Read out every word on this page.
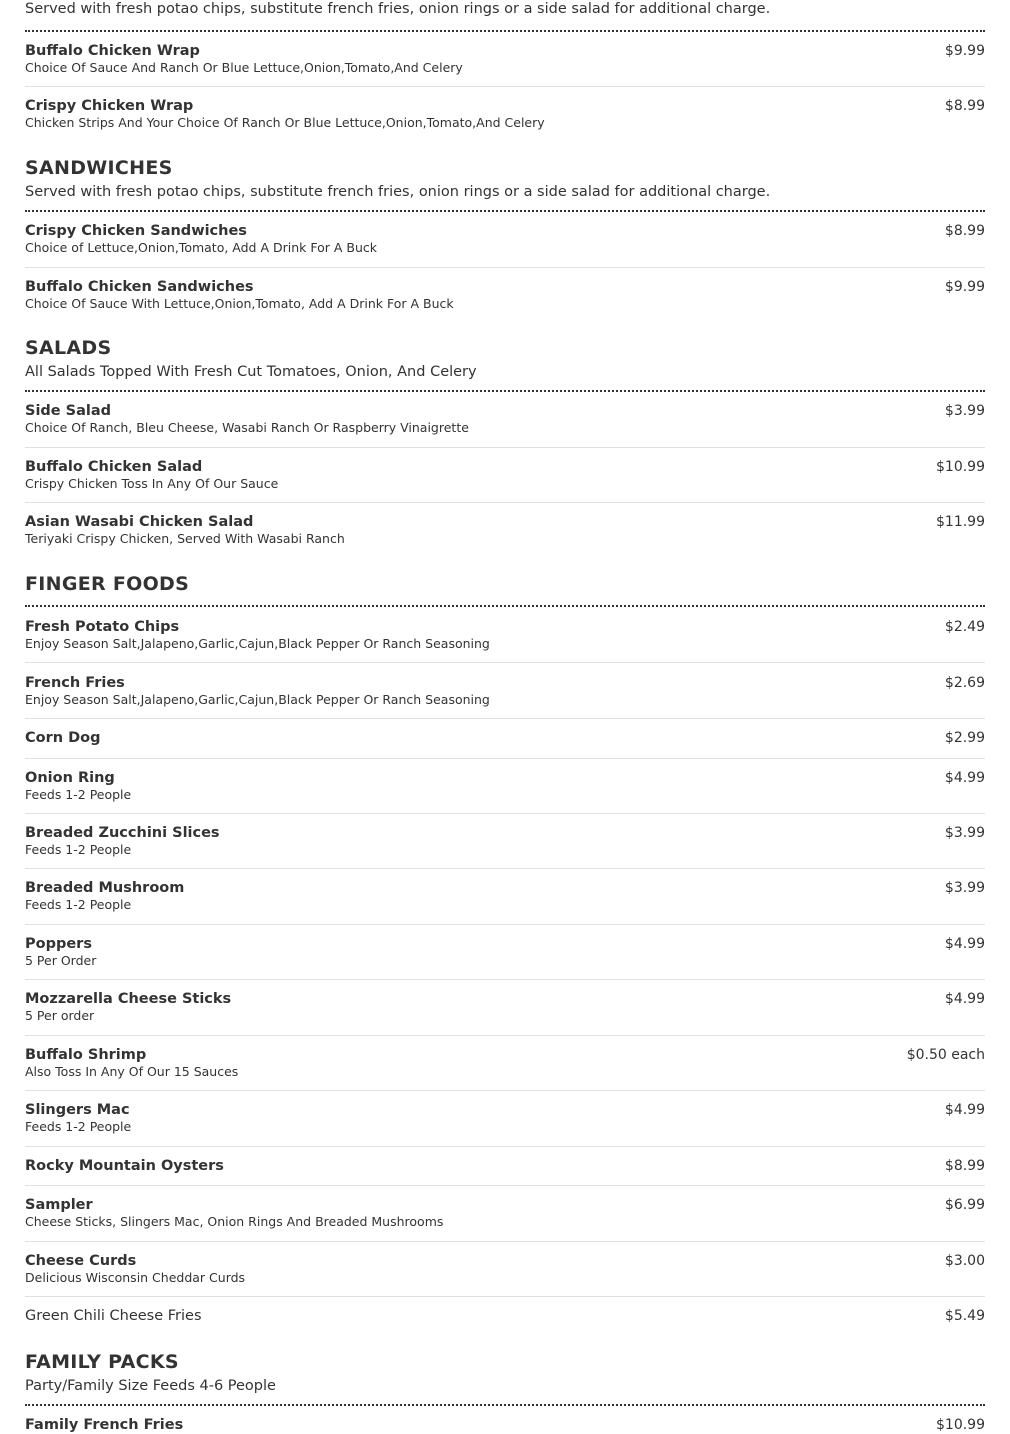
Served with fresh potao chips, substitute french fries, onion rings or a side salad for additional charge.
Buffalo Chicken Wrap
Choice Of Sauce And Ranch Or Blue Lettuce,Onion,Tomato,And Celery
$9.99
Crispy Chicken Wrap
Chicken Strips And Your Choice Of Ranch Or Blue Lettuce,Onion,Tomato,And Celery
$8.99
SANDWICHES
Served with fresh potao chips, substitute french fries, onion rings or a side salad for additional charge.
Crispy Chicken Sandwiches
Choice of Lettuce,Onion,Tomato, Add A Drink For A Buck
$8.99
Buffalo Chicken Sandwiches
Choice Of Sauce With Lettuce,Onion,Tomato, Add A Drink For A Buck
$9.99
SALADS
All Salads Topped With Fresh Cut Tomatoes, Onion, And Celery
Side Salad
Choice Of Ranch, Bleu Cheese, Wasabi Ranch Or Raspberry Vinaigrette
$3.99
Buffalo Chicken Salad
Crispy Chicken Toss In Any Of Our Sauce
$10.99
Asian Wasabi Chicken Salad
Teriyaki Crispy Chicken, Served With Wasabi Ranch
$11.99
FINGER FOODS
Fresh Potato Chips
Enjoy Season Salt,Jalapeno,Garlic,Cajun,Black Pepper Or Ranch Seasoning
$2.49
French Fries
Enjoy Season Salt,Jalapeno,Garlic,Cajun,Black Pepper Or Ranch Seasoning
$2.69
Corn Dog	$2.99
Onion Ring
Feeds 1-2 People
$4.99
Breaded Zucchini Slices
Feeds 1-2 People
$3.99
Breaded Mushroom
Feeds 1-2 People
$3.99
Poppers
5 Per Order
$4.99
Mozzarella Cheese Sticks
5 Per order
$4.99
Buffalo Shrimp
Also Toss In Any Of Our 15 Sauces
$0.50 each
Slingers Mac
Feeds 1-2 People
$4.99
Rocky Mountain Oysters	$8.99
Sampler
Cheese Sticks, Slingers Mac, Onion Rings And Breaded Mushrooms
$6.99
Cheese Curds
Delicious Wisconsin Cheddar Curds
$3.00
Green Chili Cheese Fries	$5.49
FAMILY PACKS
Party/Family Size Feeds 4-6 People
Family French Fries	$10.99
